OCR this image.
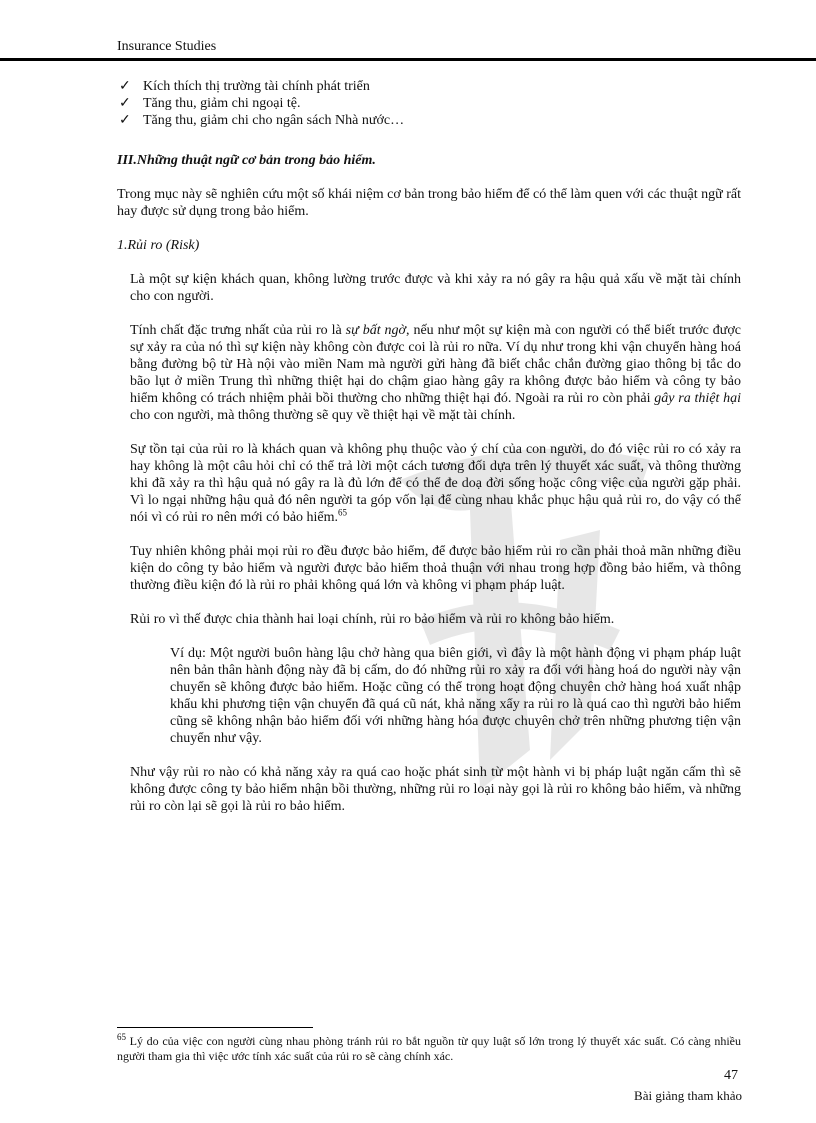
Insurance Studies
✓ Kích thích thị trường tài chính phát triển
✓ Tăng thu, giảm chi ngoại tệ.
✓ Tăng thu, giảm chi cho ngân sách Nhà nước…
III.Những thuật ngữ cơ bản trong bảo hiểm.
Trong mục này sẽ nghiên cứu một số khái niệm cơ bản trong bảo hiểm để có thể làm quen với các thuật ngữ rất hay được sử dụng trong bảo hiểm.
1.Rủi ro (Risk)
Là một sự kiện khách quan, không lường trước được và khi xảy ra nó gây ra hậu quả xấu về mặt tài chính cho con người.
Tính chất đặc trưng nhất của rủi ro là sự bất ngờ, nếu như một sự kiện mà con người có thể biết trước được sự xảy ra của nó thì sự kiện này không còn được coi là rủi ro nữa. Ví dụ như trong khi vận chuyển hàng hoá bằng đường bộ từ Hà nội vào miền Nam mà người gửi hàng đã biết chắc chắn đường giao thông bị tắc do bão lụt ở miền Trung thì những thiệt hại do chậm giao hàng gây ra không được bảo hiểm và công ty bảo hiểm không có trách nhiệm phải bồi thường cho những thiệt hại đó. Ngoài ra rủi ro còn phải gây ra thiệt hại cho con người, mà thông thường sẽ quy về thiệt hại về mặt tài chính.
Sự tồn tại của rủi ro là khách quan và không phụ thuộc vào ý chí của con người, do đó việc rủi ro có xảy ra hay không là một câu hỏi chỉ có thể trả lời một cách tương đối dựa trên lý thuyết xác suất, và thông thường khi đã xảy ra thì hậu quả nó gây ra là đủ lớn để có thể đe doạ đời sống hoặc công việc của người gặp phải. Vì lo ngại những hậu quả đó nên người ta góp vốn lại để cùng nhau khắc phục hậu quả rủi ro, do vậy có thể nói vì có rủi ro nên mới có bảo hiểm.$^{65}$
Tuy nhiên không phải mọi rủi ro đều được bảo hiểm, để được bảo hiểm rủi ro cần phải thoả mãn những điều kiện do công ty bảo hiểm và người được bảo hiểm thoả thuận với nhau trong hợp đồng bảo hiểm, và thông thường điều kiện đó là rủi ro phải không quá lớn và không vi phạm pháp luật.
Rủi ro vì thế được chia thành hai loại chính, rủi ro bảo hiểm và rủi ro không bảo hiểm.
Ví dụ: Một người buôn hàng lậu chở hàng qua biên giới, vì đây là một hành động vi phạm pháp luật nên bản thân hành động này đã bị cấm, do đó những rủi ro xảy ra đối với hàng hoá do người này vận chuyển sẽ không được bảo hiểm. Hoặc cũng có thể trong hoạt động chuyên chở hàng hoá xuất nhập khẩu khi phương tiện vận chuyển đã quá cũ nát, khả năng xẩy ra rủi ro là quá cao thì người bảo hiểm cũng sẽ không nhận bảo hiểm đối với những hàng hóa được chuyên chở trên những phương tiện vận chuyển như vậy.
Như vậy rủi ro nào có khả năng xảy ra quá cao hoặc phát sinh từ một hành vi bị pháp luật ngăn cấm thì sẽ không được công ty bảo hiểm nhận bồi thường, những rủi ro loại này gọi là rủi ro không bảo hiểm, và những rủi ro còn lại sẽ gọi là rủi ro bảo hiểm.
$^{65}$ Lý do của việc con người cùng nhau phòng tránh rủi ro bắt nguồn từ quy luật số lớn trong lý thuyết xác suất. Có càng nhiều người tham gia thì việc ước tính xác suất của rủi ro sẽ càng chính xác.
47
Bài giảng tham khảo
